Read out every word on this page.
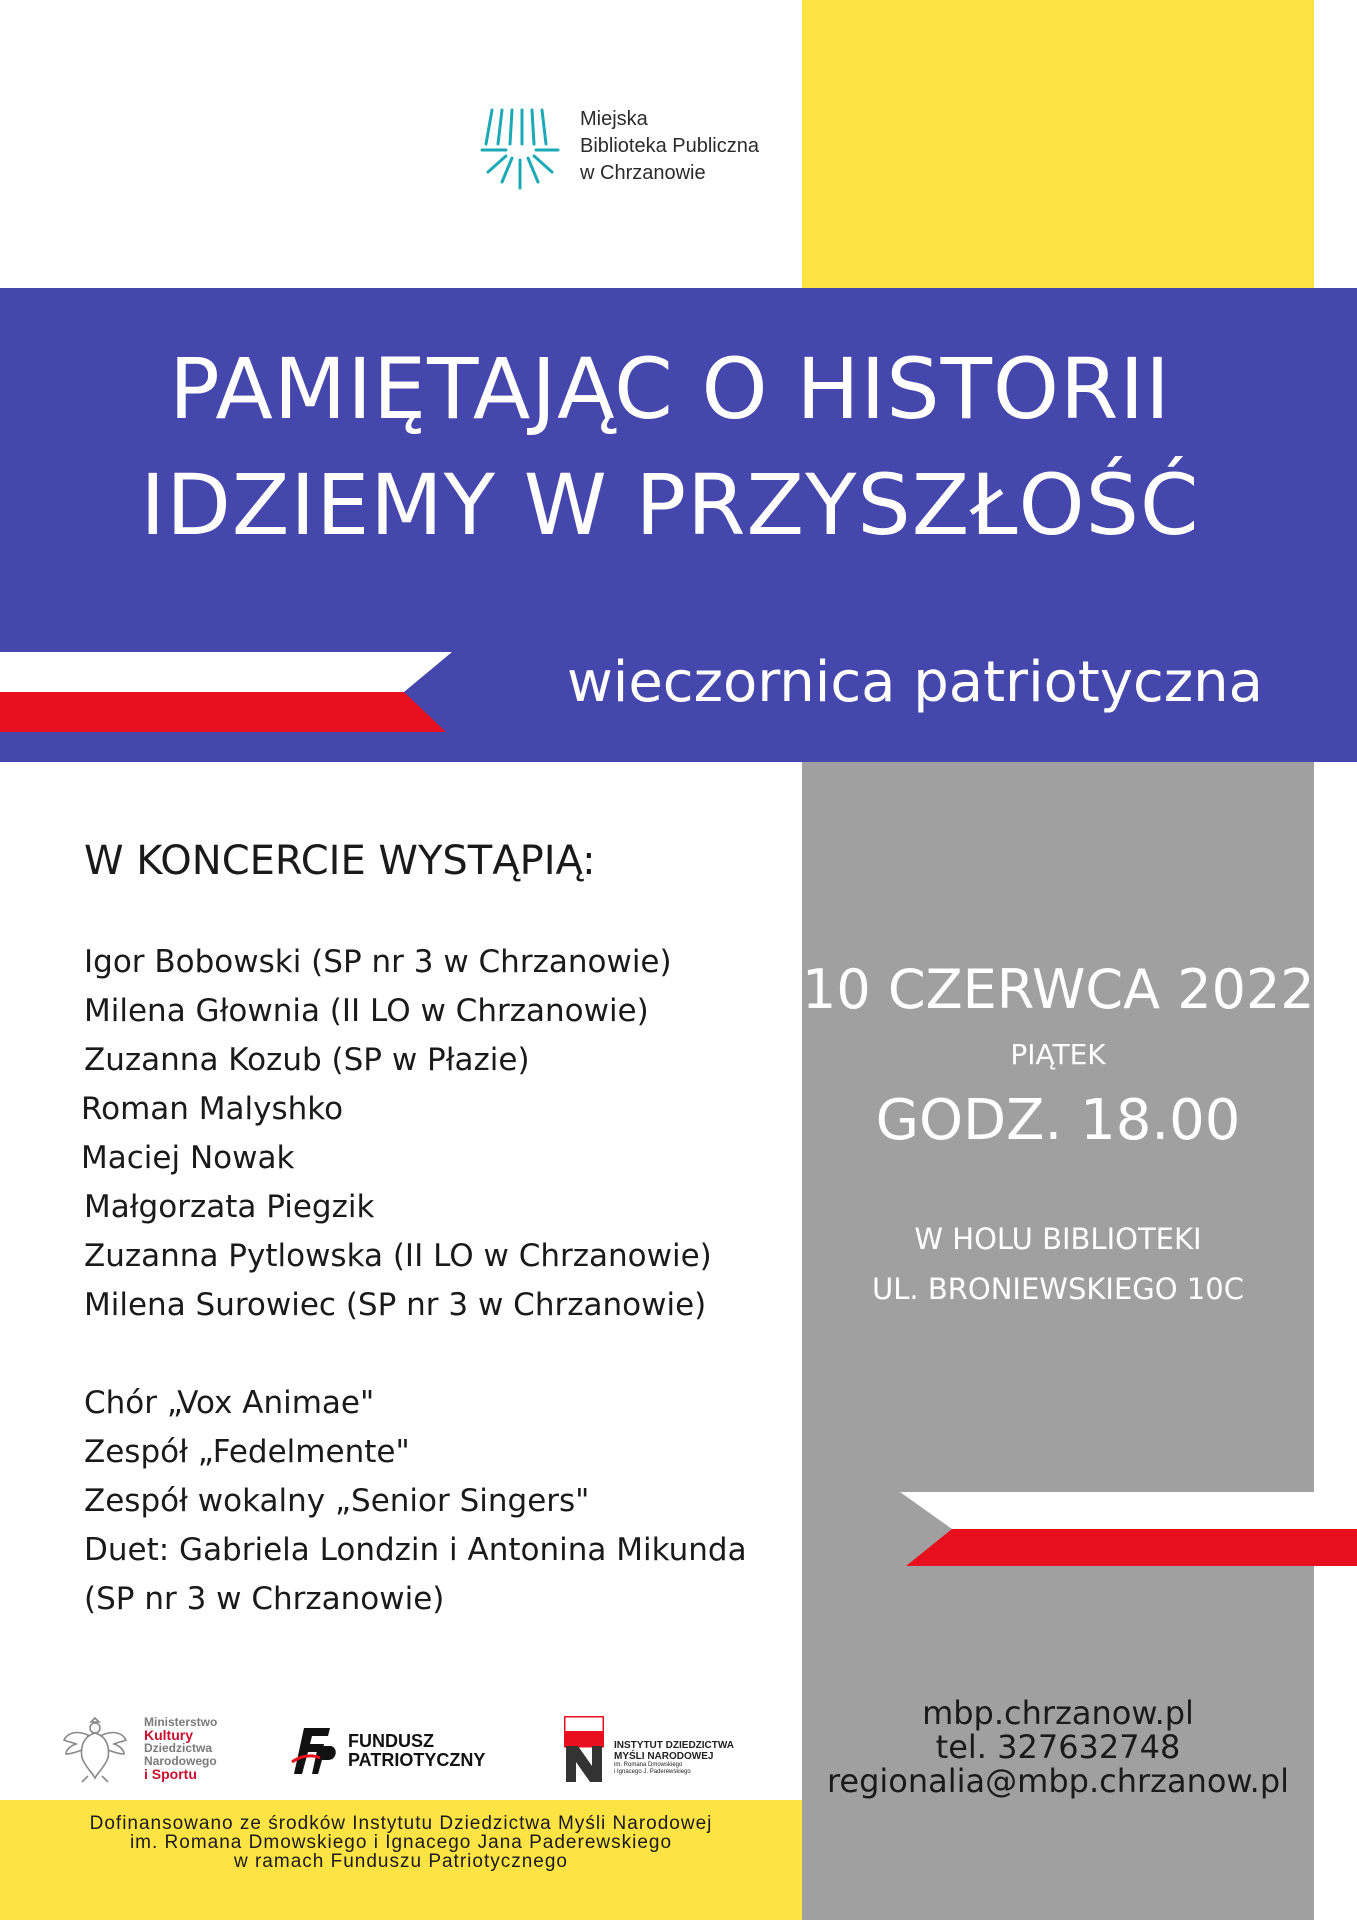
Miejska
Biblioteka Publiczna
w Chrzanowie
PAMIĘTAJĄC O HISTORII
IDZIEMY W PRZYSZŁOŚĆ
wieczornica patriotyczna
W KONCERCIE WYSTĄPIĄ:
Igor Bobowski (SP nr 3 w Chrzanowie)
Milena Głownia (II LO w Chrzanowie)
Zuzanna Kozub (SP w Płazie)
Roman Malyshko
Maciej Nowak
Małgorzata Piegzik
Zuzanna Pytlowska (II LO w Chrzanowie)
Milena Surowiec (SP nr 3 w Chrzanowie)
Chór „Vox Animae"
Zespół „Fedelmente"
Zespół wokalny „Senior Singers"
Duet: Gabriela Londzin i Antonina Mikunda
(SP nr 3 w Chrzanowie)
10 CZERWCA 2022
PIĄTEK
GODZ. 18.00
W HOLU BIBLIOTEKI
UL. BRONIEWSKIEGO 10C
mbp.chrzanow.pl
tel. 327632748
regionalia@mbp.chrzanow.pl
Ministerstwo
Kultury
Dziedzictwa
Narodowego
i Sportu
FUNDUSZ
PATRIOTYCZNY
INSTYTUT DZIEDZICTWA
MYŚLI NARODOWEJ
im. Romana Dmowskiego
i Ignacego J. Paderewskiego
Dofinansowano ze środków Instytutu Dziedzictwa Myśli Narodowej
im. Romana Dmowskiego i Ignacego Jana Paderewskiego
w ramach Funduszu Patriotycznego
